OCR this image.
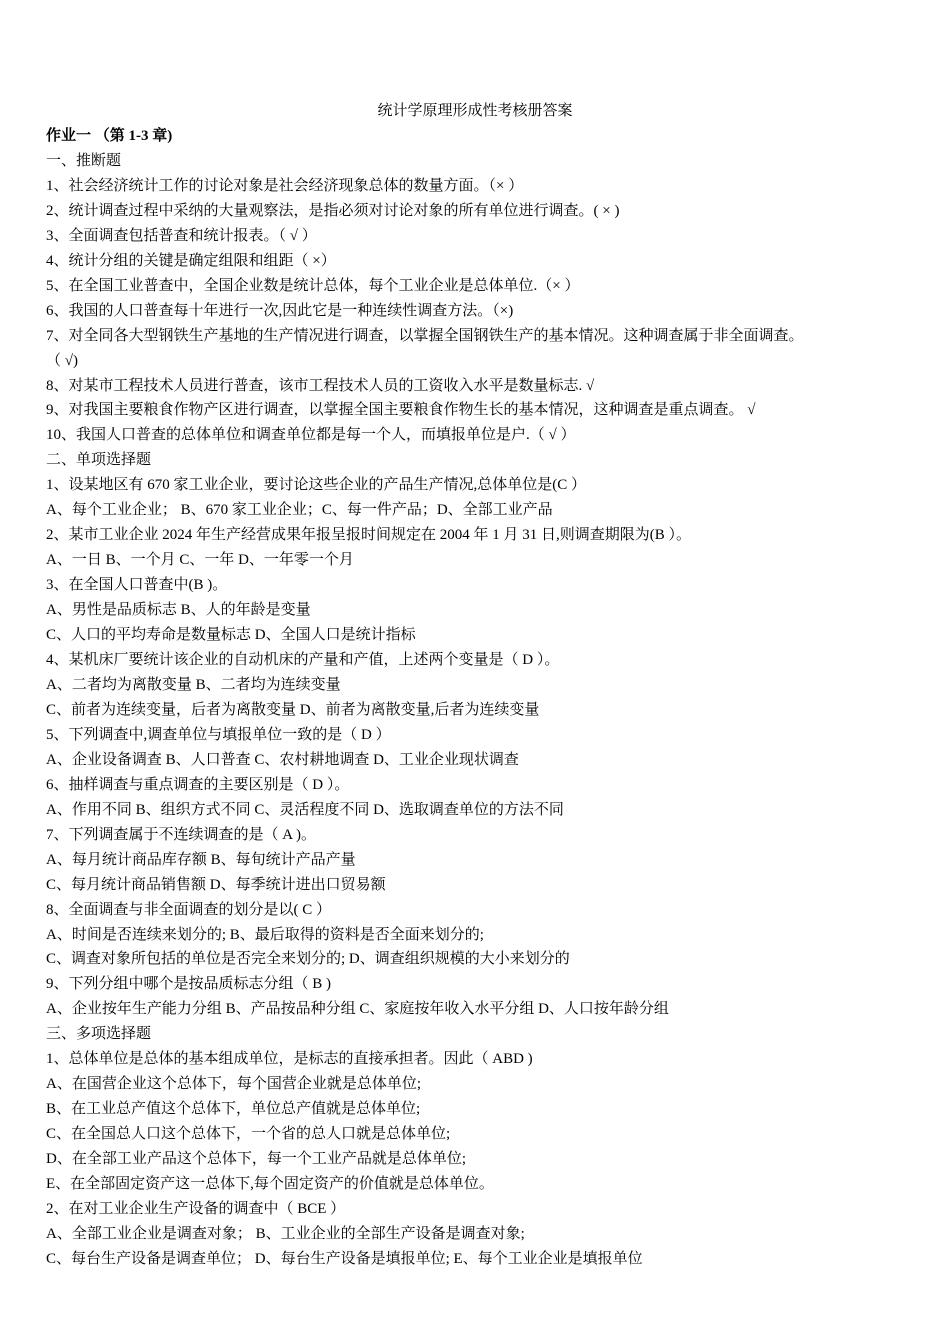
统计学原理形成性考核册答案
作业一 （第 1-3 章)
一、推断题
1、社会经济统计工作的讨论对象是社会经济现象总体的数量方面。（× ）
2、统计调查过程中采纳的大量观察法，是指必须对讨论对象的所有单位进行调查。( × )
3、全面调查包括普查和统计报表。（ √ ）
4、统计分组的关键是确定组限和组距（ ×）
5、在全国工业普查中，全国企业数是统计总体，每个工业企业是总体单位.（× ）
6、我国的人口普查每十年进行一次,因此它是一种连续性调查方法。（×)
7、对全同各大型钢铁生产基地的生产情况进行调查，以掌握全国钢铁生产的基本情况。这种调查属于非全面调查。
（ √)
8、对某市工程技术人员进行普查，该市工程技术人员的工资收入水平是数量标志. √
9、对我国主要粮食作物产区进行调查，以掌握全国主要粮食作物生长的基本情况，这种调查是重点调查。 √
10、我国人口普查的总体单位和调查单位都是每一个人，而填报单位是户.（ √ ）
二、单项选择题
1、设某地区有 670 家工业企业，要讨论这些企业的产品生产情况,总体单位是(C ）
A、每个工业企业； B、670 家工业企业；C、每一件产品；D、全部工业产品
2、某市工业企业 2024 年生产经营成果年报呈报时间规定在 2004 年 1 月 31 日,则调查期限为(B ）。
A、一日 B、一个月 C、一年 D、一年零一个月
3、在全国人口普查中(B )。
A、男性是品质标志 B、人的年龄是变量
C、人口的平均寿命是数量标志 D、全国人口是统计指标
4、某机床厂要统计该企业的自动机床的产量和产值，上述两个变量是（ D ）。
A、二者均为离散变量 B、二者均为连续变量
C、前者为连续变量，后者为离散变量 D、前者为离散变量,后者为连续变量
5、下列调查中,调查单位与填报单位一致的是（ D ）
A、企业设备调查 B、人口普查 C、农村耕地调查 D、工业企业现状调查
6、抽样调查与重点调查的主要区别是（ D ）。
A、作用不同 B、组织方式不同 C、灵活程度不同 D、选取调查单位的方法不同
7、下列调查属于不连续调查的是（ A )。
A、每月统计商品库存额 B、每旬统计产品产量
C、每月统计商品销售额 D、每季统计进出口贸易额
8、全面调查与非全面调查的划分是以( C ）
A、时间是否连续来划分的; B、最后取得的资料是否全面来划分的;
C、调查对象所包括的单位是否完全来划分的; D、调查组织规模的大小来划分的
9、下列分组中哪个是按品质标志分组（ B )
A、企业按年生产能力分组 B、产品按品种分组 C、家庭按年收入水平分组 D、人口按年龄分组
三、多项选择题
1、总体单位是总体的基本组成单位，是标志的直接承担者。因此（ ABD )
A、在国营企业这个总体下，每个国营企业就是总体单位;
B、在工业总产值这个总体下，单位总产值就是总体单位;
C、在全国总人口这个总体下，一个省的总人口就是总体单位;
D、在全部工业产品这个总体下，每一个工业产品就是总体单位;
E、在全部固定资产这一总体下,每个固定资产的价值就是总体单位。
2、在对工业企业生产设备的调查中（ BCE ）
A、全部工业企业是调查对象； B、工业企业的全部生产设备是调查对象;
C、每台生产设备是调查单位； D、每台生产设备是填报单位; E、每个工业企业是填报单位
